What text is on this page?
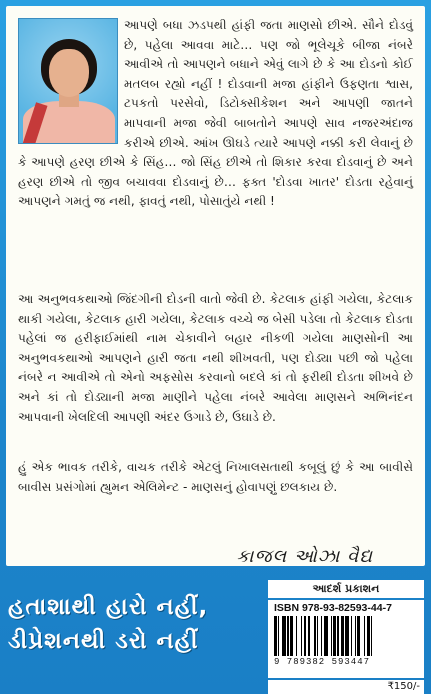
આપણે બધા ઝડપથી હાંફી જતા માણસો છીએ. સૌને દોડવું છે, પહેલા આવવા માટે… પણ જો ભૂલેચૂકે બીજા નંબરે આવીએ તો આપણને બધાને એવું લાગે છે કે આ દોડનો કોઈ મતલબ રહ્યો નહીં ! દોડવાની મજા હાંફીને ઉફણતા શ્વાસ, ટપકતો પરસેવો, ડિટોક્સીકેશન અને આપણી જાતને માપવાની મજા જેવી બાબતોને આપણે સાવ નજરઅંદાજ કરીએ છીએ. આંખ ઊઘડે ત્યારે આપણે નક્કી કરી લેવાનું છે કે આપણે હરણ છીએ કે સિંહ… જો સિંહ છીએ તો શિકાર કરવા દોડવાનું છે અને હરણ છીએ તો જીવ બચાવવા દોડવાનું છે… ફક્ત 'દોડવા ખાતર' દોડતા રહેવાનું આપણને ગમતું જ નથી, ફાવતું નથી, પોસાતુંયે નથી !
આ અનુભવકથાઓ જિંદગીની દોડની વાતો જેવી છે. કેટલાક હાંફી ગયેલા, કેટલાક થાકી ગયેલા, કેટલાક હારી ગયેલા, કેટલાક વચ્ચે જ બેસી પડેલા તો કેટલાક દોડતા પહેલાં જ હરીફાઈમાંથી નામ ચેકાવીને બહાર નીકળી ગયેલા માણસોની આ અનુભવકથાઓ આપણને હારી જતા નથી શીખવતી, પણ દોડ્યા પછી જો પહેલા નંબરે ન આવીએ તો એનો અફસોસ કરવાનો બદલે કાં તો ફરીથી દોડતા શીખવે છે અને કાં તો દોડ્યાની મજા માણીને પહેલા નંબરે આવેલા માણસને અભિનંદન આપવાની ખેલદિલી આપણી અંદર ઉગાડે છે, ઉઘાડે છે.
હું એક ભાવક તરીકે, વાચક તરીકે એટલું નિખાલસતાથી કબૂલું છું કે આ બાવીસે બાવીસ પ્રસંગોમાં હ્યુમન એલિમેન્ટ - માણસનું હોવાપણું છલકાય છે.
કાજલ ઓઝા વૈદ્ય
હતાશાથી હારો નહીં,
ડીપ્રેશનથી ડરો નહીં
આદર્શ પ્રકાશન
ISBN 978-93-82593-44-7
9 789382 593447
₹150/-
